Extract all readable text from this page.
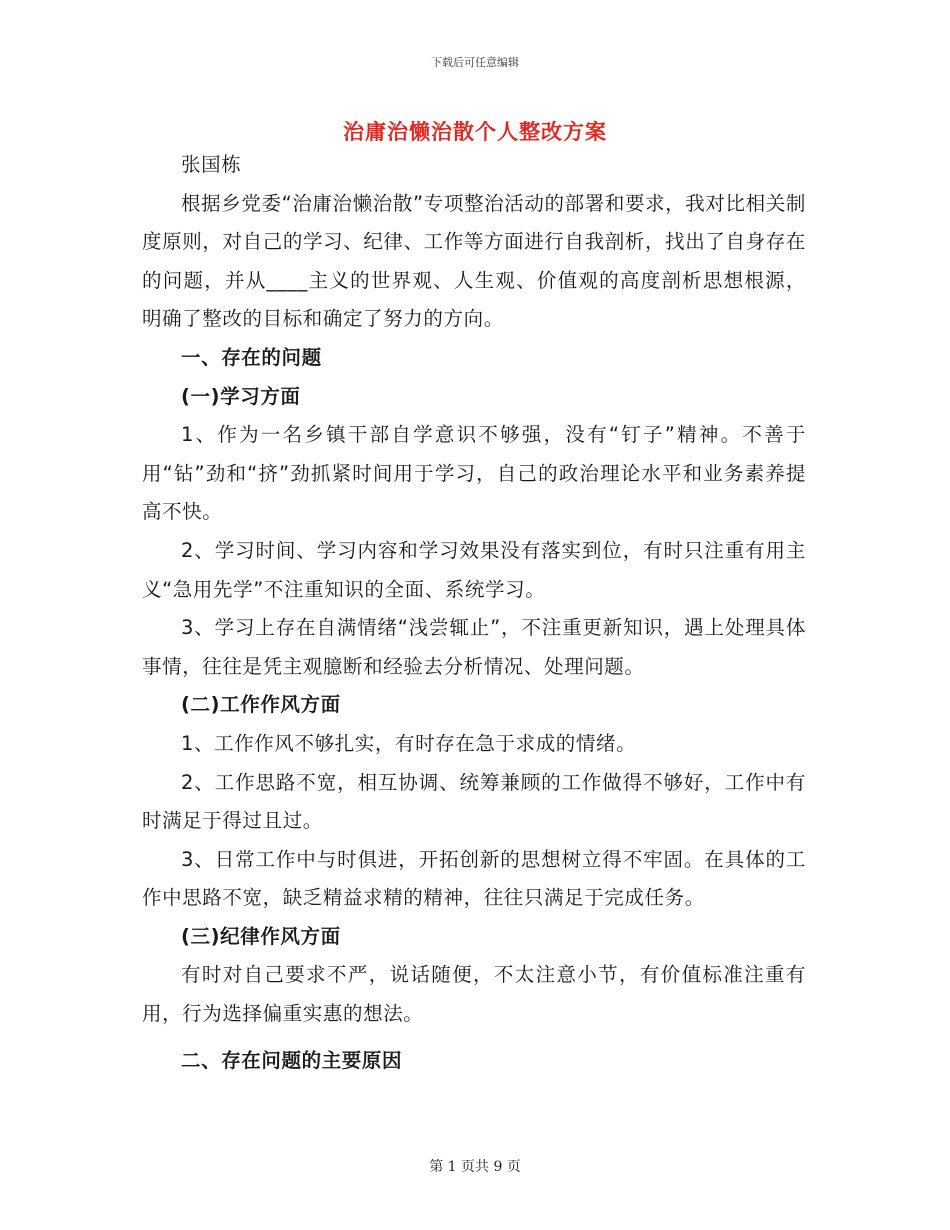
下载后可任意编辑
治庸治懒治散个人整改方案

张国栋

根据乡党委“治庸治懒治散”专项整治活动的部署和要求，我对比相关制度原则，对自己的学习、纪律、工作等方面进行自我剖析，找出了自身存在的问题，并从____主义的世界观、人生观、价值观的高度剖析思想根源，明确了整改的目标和确定了努力的方向。

一、存在的问题

(一)学习方面

1、作为一名乡镇干部自学意识不够强，没有“钉子”精神。不善于用“钻”劲和“挤”劲抓紧时间用于学习，自己的政治理论水平和业务素养提高不快。

2、学习时间、学习内容和学习效果没有落实到位，有时只注重有用主义“急用先学”不注重知识的全面、系统学习。

3、学习上存在自满情绪“浅尝辄止”，不注重更新知识，遇上处理具体事情，往往是凭主观臆断和经验去分析情况、处理问题。

(二)工作作风方面

1、工作作风不够扎实，有时存在急于求成的情绪。

2、工作思路不宽，相互协调、统筹兼顾的工作做得不够好，工作中有时满足于得过且过。

3、日常工作中与时俱进，开拓创新的思想树立得不牢固。在具体的工作中思路不宽，缺乏精益求精的精神，往往只满足于完成任务。

(三)纪律作风方面

有时对自己要求不严，说话随便，不太注意小节，有价值标准注重有用，行为选择偏重实惠的想法。

二、存在问题的主要原因

第 1 页共 9 页
